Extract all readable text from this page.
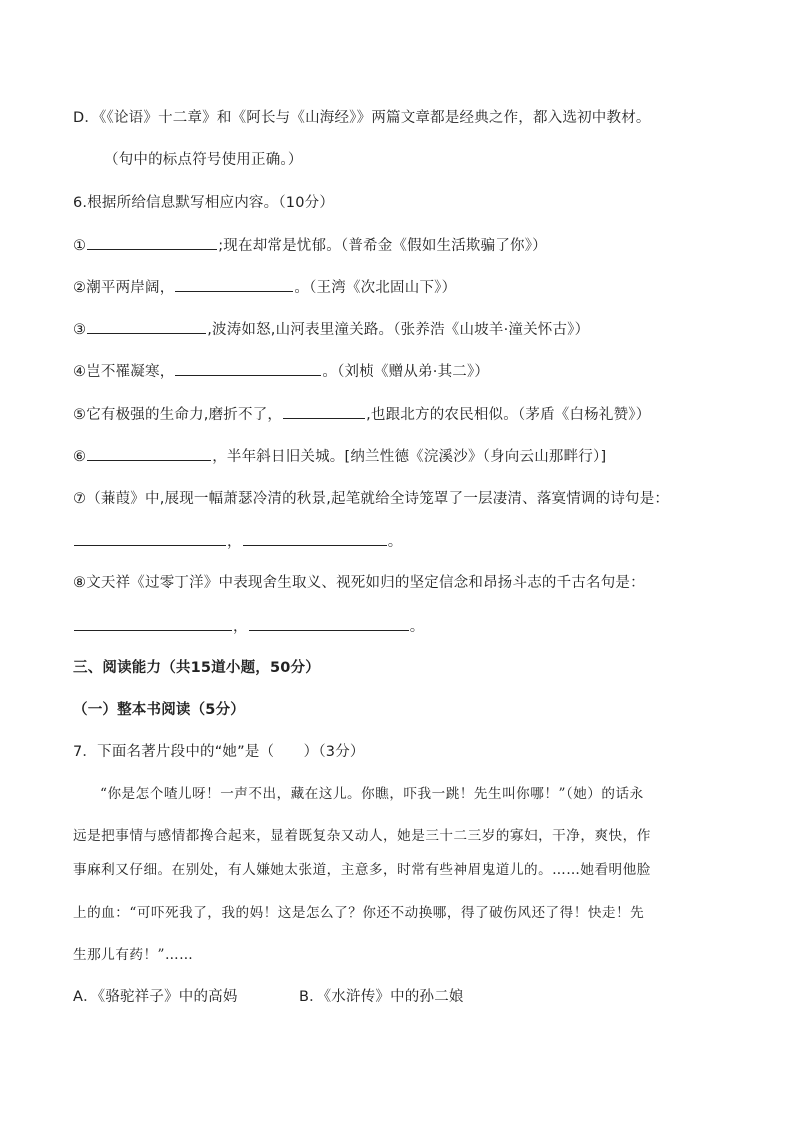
D．《《论语》十二章》和《阿长与《山海经》》两篇文章都是经典之作，都入选初中教材。
（句中的标点符号使用正确。）
6.根据所给信息默写相应内容。（10分）
①	;现在却常是忧郁。（普希金《假如生活欺骗了你》）
②潮平两岸阔，	。（王湾《次北固山下》）
③	,波涛如怒,山河表里潼关路。（张养浩《山坡羊·潼关怀古》）
④岂不罹凝寒，	。（刘桢《赠从弟·其二》）
⑤它有极强的生命力,磨折不了，	,也跟北方的农民相似。（茅盾《白杨礼赞》）
⑥	，半年斜日旧关城。[纳兰性德《浣溪沙》（身向云山那畔行）]
⑦（蒹葭》中,展现一幅萧瑟冷清的秋景,起笔就给全诗笼罩了一层凄清、落寞情调的诗句是：
，	。
⑧文天祥《过零丁洋》中表现舍生取义、视死如归的坚定信念和昂扬斗志的千古名句是：
，	。
三、阅读能力（共15道小题，50分）
（一）整本书阅读（5分）
7．下面名著片段中的“她”是（　　）（3分）
“你是怎个喳儿呀！一声不出，藏在这儿。你瞧，吓我一跳！先生叫你哪！”（她）的话永
远是把事情与感情都搀合起来，显着既复杂又动人，她是三十二三岁的寡妇，干净，爽快，作
事麻利又仔细。在别处，有人嫌她太张道，主意多，时常有些神眉鬼道儿的。……她看明他脸
上的血：“可吓死我了，我的妈！这是怎么了？你还不动换哪，得了破伤风还了得！快走！先
生那儿有药！”……
A．《骆驼祥子》中的高妈	B．《水浒传》中的孙二娘
